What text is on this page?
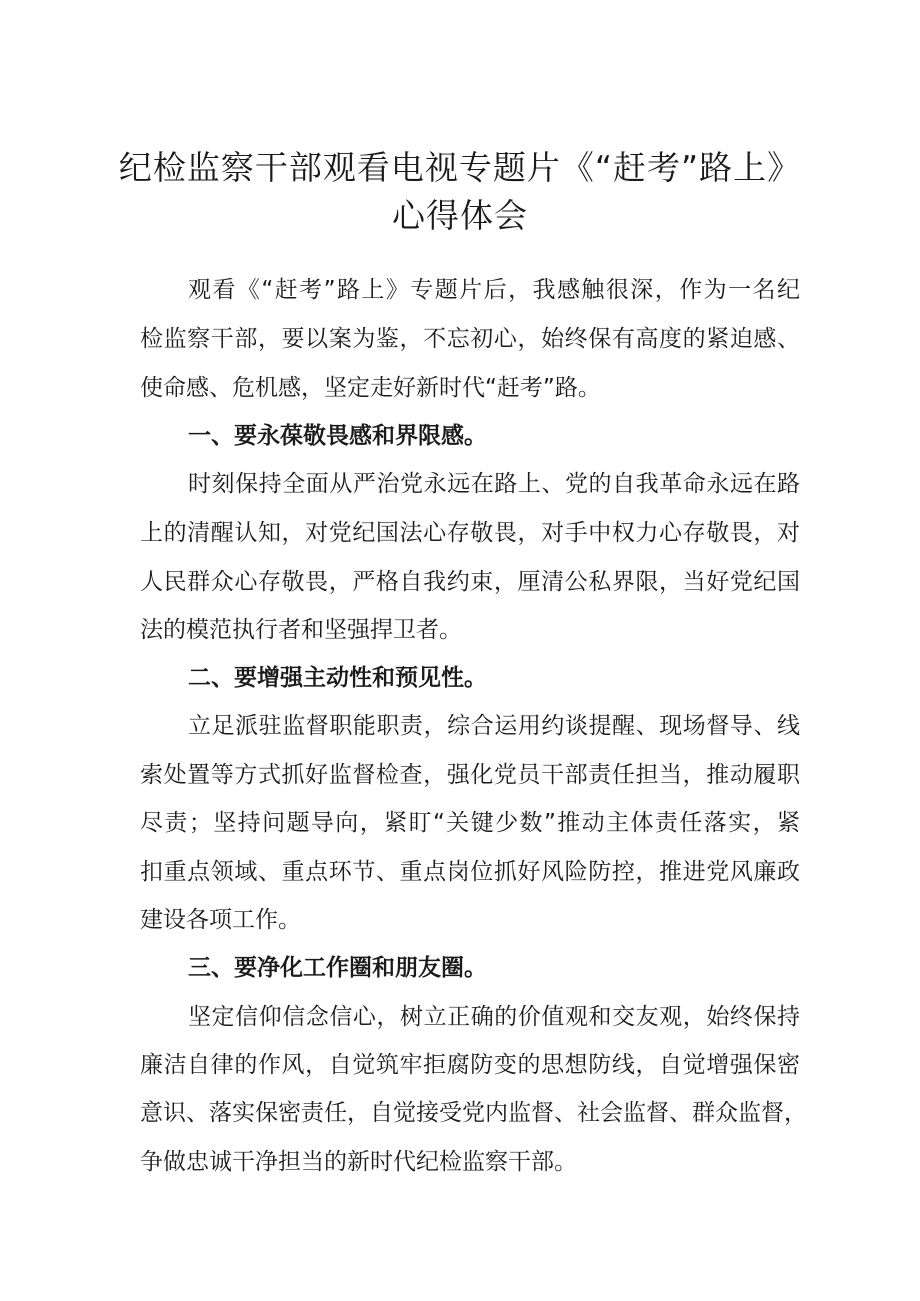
纪检监察干部观看电视专题片《“赶考”路上》
心得体会
观看《“赶考”路上》专题片后，我感触很深，作为一名纪
检监察干部，要以案为鉴，不忘初心，始终保有高度的紧迫感、
使命感、危机感，坚定走好新时代“赶考”路。
一、要永葆敬畏感和界限感。
时刻保持全面从严治党永远在路上、党的自我革命永远在路
上的清醒认知，对党纪国法心存敬畏，对手中权力心存敬畏，对
人民群众心存敬畏，严格自我约束，厘清公私界限，当好党纪国
法的模范执行者和坚强捍卫者。
二、要增强主动性和预见性。
立足派驻监督职能职责，综合运用约谈提醒、现场督导、线
索处置等方式抓好监督检查，强化党员干部责任担当，推动履职
尽责；坚持问题导向，紧盯“关键少数”推动主体责任落实，紧
扣重点领域、重点环节、重点岗位抓好风险防控，推进党风廉政
建设各项工作。
三、要净化工作圈和朋友圈。
坚定信仰信念信心，树立正确的价值观和交友观，始终保持
廉洁自律的作风，自觉筑牢拒腐防变的思想防线，自觉增强保密
意识、落实保密责任，自觉接受党内监督、社会监督、群众监督，
争做忠诚干净担当的新时代纪检监察干部。
